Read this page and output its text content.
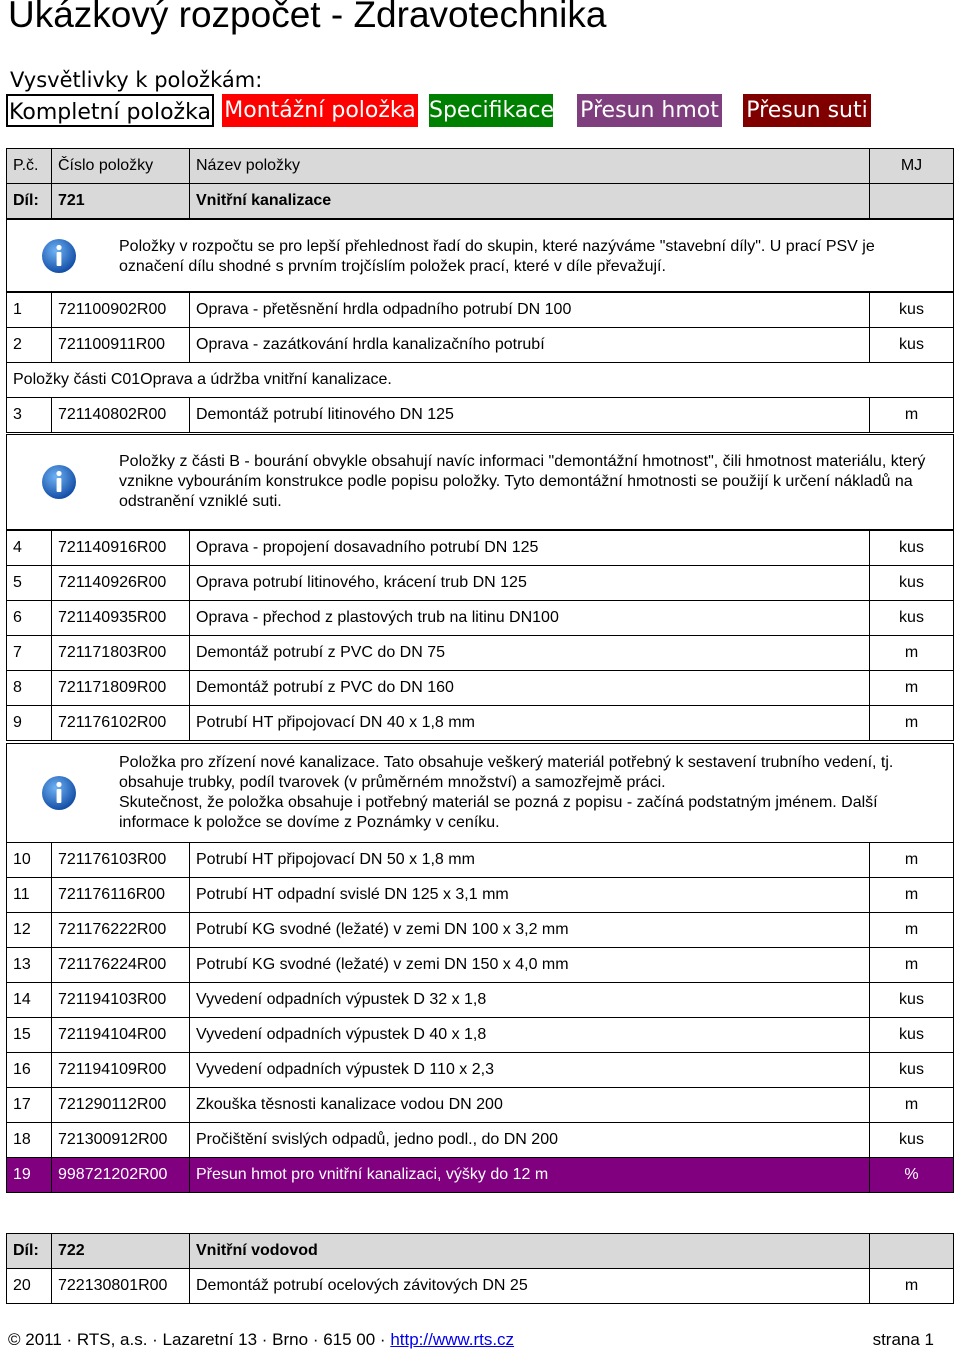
Ukázkový rozpočet - Zdravotechnika
Vysvětlivky k položkám:
Kompletní položka Montážní položka Specifikace Přesun hmot Přesun suti
P.č.	Číslo položky	Název položky	MJ
Díl:	721	Vnitřní kanalizace	
Položky v rozpočtu se pro lepší přehlednost řadí do skupin, které nazýváme "stavební díly". U prací PSV je označení dílu shodné s prvním trojčíslím položek prací, které v díle převažují.
1	721100902R00	Oprava - přetěsnění hrdla odpadního potrubí DN 100	kus
2	721100911R00	Oprava - zazátkování hrdla kanalizačního potrubí	kus
Položky části C01Oprava a údržba vnitřní kanalizace.			
3	721140802R00	Demontáž potrubí litinového DN 125	m
Položky z části B - bourání obvykle obsahují navíc informaci "demontážní hmotnost", čili hmotnost materiálu, který vznikne vybouráním konstrukce podle popisu položky. Tyto demontážní hmotnosti se použijí k určení nákladů na odstranění vzniklé suti.
4	721140916R00	Oprava - propojení dosavadního potrubí DN 125	kus
5	721140926R00	Oprava potrubí litinového, krácení trub DN 125	kus
6	721140935R00	Oprava - přechod z plastových trub na litinu DN100	kus
7	721171803R00	Demontáž potrubí z PVC do DN 75	m
8	721171809R00	Demontáž potrubí z PVC do DN 160	m
9	721176102R00	Potrubí HT připojovací DN 40 x 1,8 mm	m
Položka pro zřízení nové kanalizace. Tato obsahuje veškerý materiál potřebný k sestavení trubního vedení, tj. obsahuje trubky, podíl tvarovek (v průměrném množství) a samozřejmě práci.
Skutečnost, že položka obsahuje i potřebný materiál se pozná z popisu - začíná podstatným jménem. Další informace k položce se dovíme z Poznámky v ceníku.
10	721176103R00	Potrubí HT připojovací DN 50 x 1,8 mm	m
11	721176116R00	Potrubí HT odpadní svislé DN 125 x 3,1 mm	m
12	721176222R00	Potrubí KG svodné (ležaté) v zemi DN 100 x 3,2 mm	m
13	721176224R00	Potrubí KG svodné (ležaté) v zemi DN 150 x 4,0 mm	m
14	721194103R00	Vyvedení odpadních výpustek D 32 x 1,8	kus
15	721194104R00	Vyvedení odpadních výpustek D 40 x 1,8	kus
16	721194109R00	Vyvedení odpadních výpustek D 110 x 2,3	kus
17	721290112R00	Zkouška těsnosti kanalizace vodou DN 200	m
18	721300912R00	Pročištění svislých odpadů, jedno podl., do DN 200	kus
19	998721202R00	Přesun hmot pro vnitřní kanalizaci, výšky do 12 m	%
Díl:	722	Vnitřní vodovod	
20	722130801R00	Demontáž potrubí ocelových závitových DN 25	m
© 2011 · RTS, a.s. · Lazaretní 13 · Brno · 615 00 · http://www.rts.cz	strana 1
